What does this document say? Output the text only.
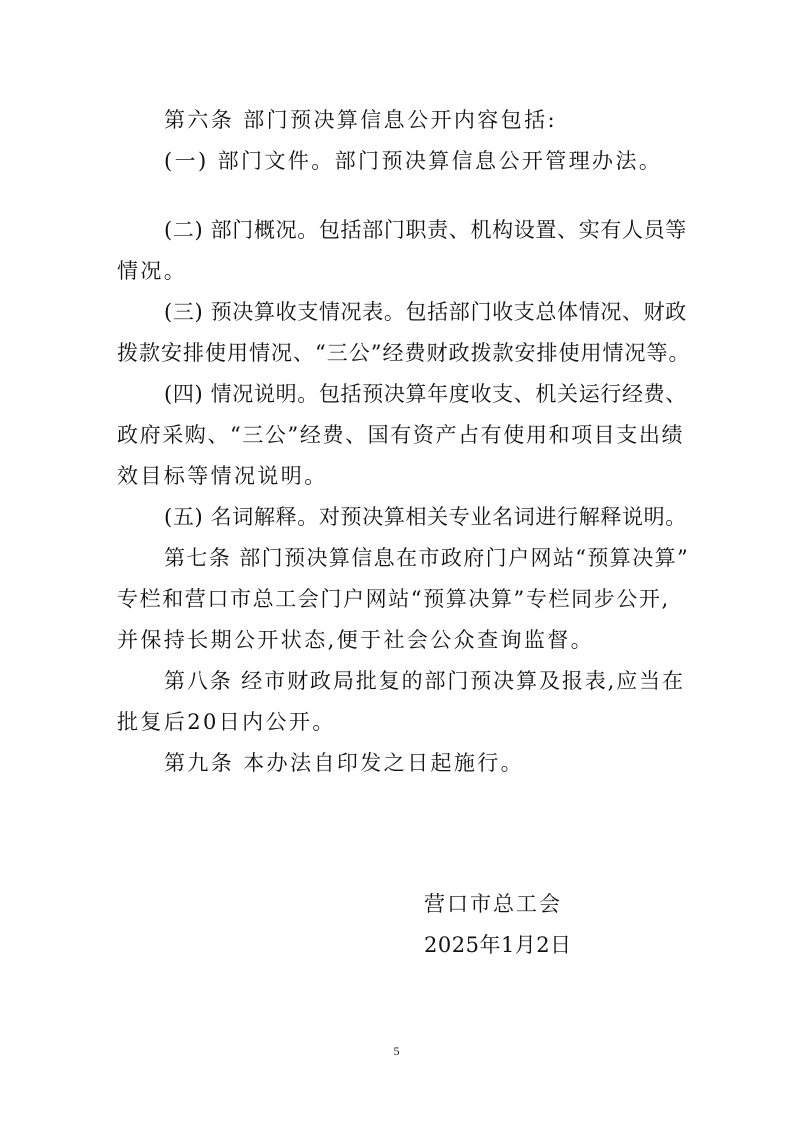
第六条 部门预决算信息公开内容包括:
(一) 部门文件。部门预决算信息公开管理办法。
(二) 部门概况。包括部门职责、机构设置、实有人员等
情况。
(三) 预决算收支情况表。包括部门收支总体情况、财政
拨款安排使用情况、“三公”经费财政拨款安排使用情况等。
(四) 情况说明。包括预决算年度收支、机关运行经费、
政府采购、“三公”经费、国有资产占有使用和项目支出绩
效目标等情况说明。
(五) 名词解释。对预决算相关专业名词进行解释说明。
第七条 部门预决算信息在市政府门户网站“预算决算”
专栏和营口市总工会门户网站“预算决算”专栏同步公开,
并保持长期公开状态,便于社会公众查询监督。
第八条 经市财政局批复的部门预决算及报表,应当在
批复后20日内公开。
第九条 本办法自印发之日起施行。
营口市总工会
2025年1月2日
5
